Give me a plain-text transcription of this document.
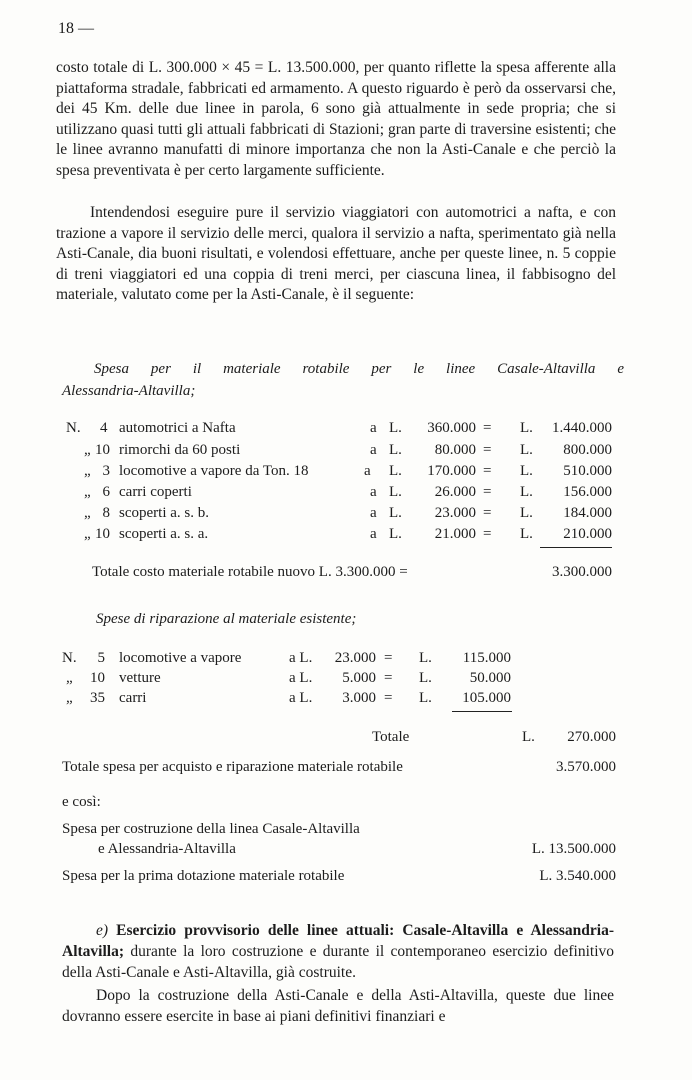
18 —
costo totale di L. 300.000 × 45 = L. 13.500.000, per quanto riflette la spesa afferente alla piattaforma stradale, fabbricati ed armamento. A questo riguardo è però da osservarsi che, dei 45 Km. delle due linee in parola, 6 sono già attualmente in sede propria; che si utilizzano quasi tutti gli attuali fabbricati di Stazioni; gran parte di traversine esistenti; che le linee avranno manufatti di minore importanza che non la Asti-Canale e che perciò la spesa preventivata è per certo largamente sufficiente.
Intendendosi eseguire pure il servizio viaggiatori con automotrici a nafta, e con trazione a vapore il servizio delle merci, qualora il servizio a nafta, sperimentato già nella Asti-Canale, dia buoni risultati, e volendosi effettuare, anche per queste linee, n. 5 coppie di treni viaggiatori ed una coppia di treni merci, per ciascuna linea, il fabbisogno del materiale, valutato come per la Asti-Canale, è il seguente:
Spesa per il materiale rotabile per le linee Casale-Altavilla e
Alessandria-Altavilla;
N. 4 automotrici a Nafta	a L.	360.000 = L.	1.440.000
„ 10 rimorchi da 60 posti	a L.	80.000 = L.	800.000
„ 3 locomotive a vapore da Ton. 18	a L.	170.000 = L.	510.000
„ 6 carri coperti	a L.	26.000 = L.	156.000
„ 8 scoperti a. s. b.	a L.	23.000 = L.	184.000
„ 10 scoperti a. s. a.	a L.	21.000 = L.	210.000
Totale costo materiale rotabile nuovo L. 3.300.000 =	3.300.000
Spese di riparazione al materiale esistente;
N.	5 locomotive a vapore	a L.	23.000 = L.	115.000
„	10 vetture	a L.	5.000 = L.	50.000
„	35 carri	a L.	3.000 = L.	105.000
Totale	L.	270.000
Totale spesa per acquisto e riparazione materiale rotabile	3.570.000
e così:
Spesa per costruzione della linea Casale-Altavilla
e Alessandria-Altavilla	L. 13.500.000
Spesa per la prima dotazione materiale rotabile	L. 3.540.000
e) Esercizio provvisorio delle linee attuali: Casale-Altavilla e Alessandria-Altavilla; durante la loro costruzione e durante il contemporaneo esercizio definitivo della Asti-Canale e Asti-Altavilla, già costruite.
Dopo la costruzione della Asti-Canale e della Asti-Altavilla, queste due linee dovranno essere esercite in base ai piani definitivi finanziari e
